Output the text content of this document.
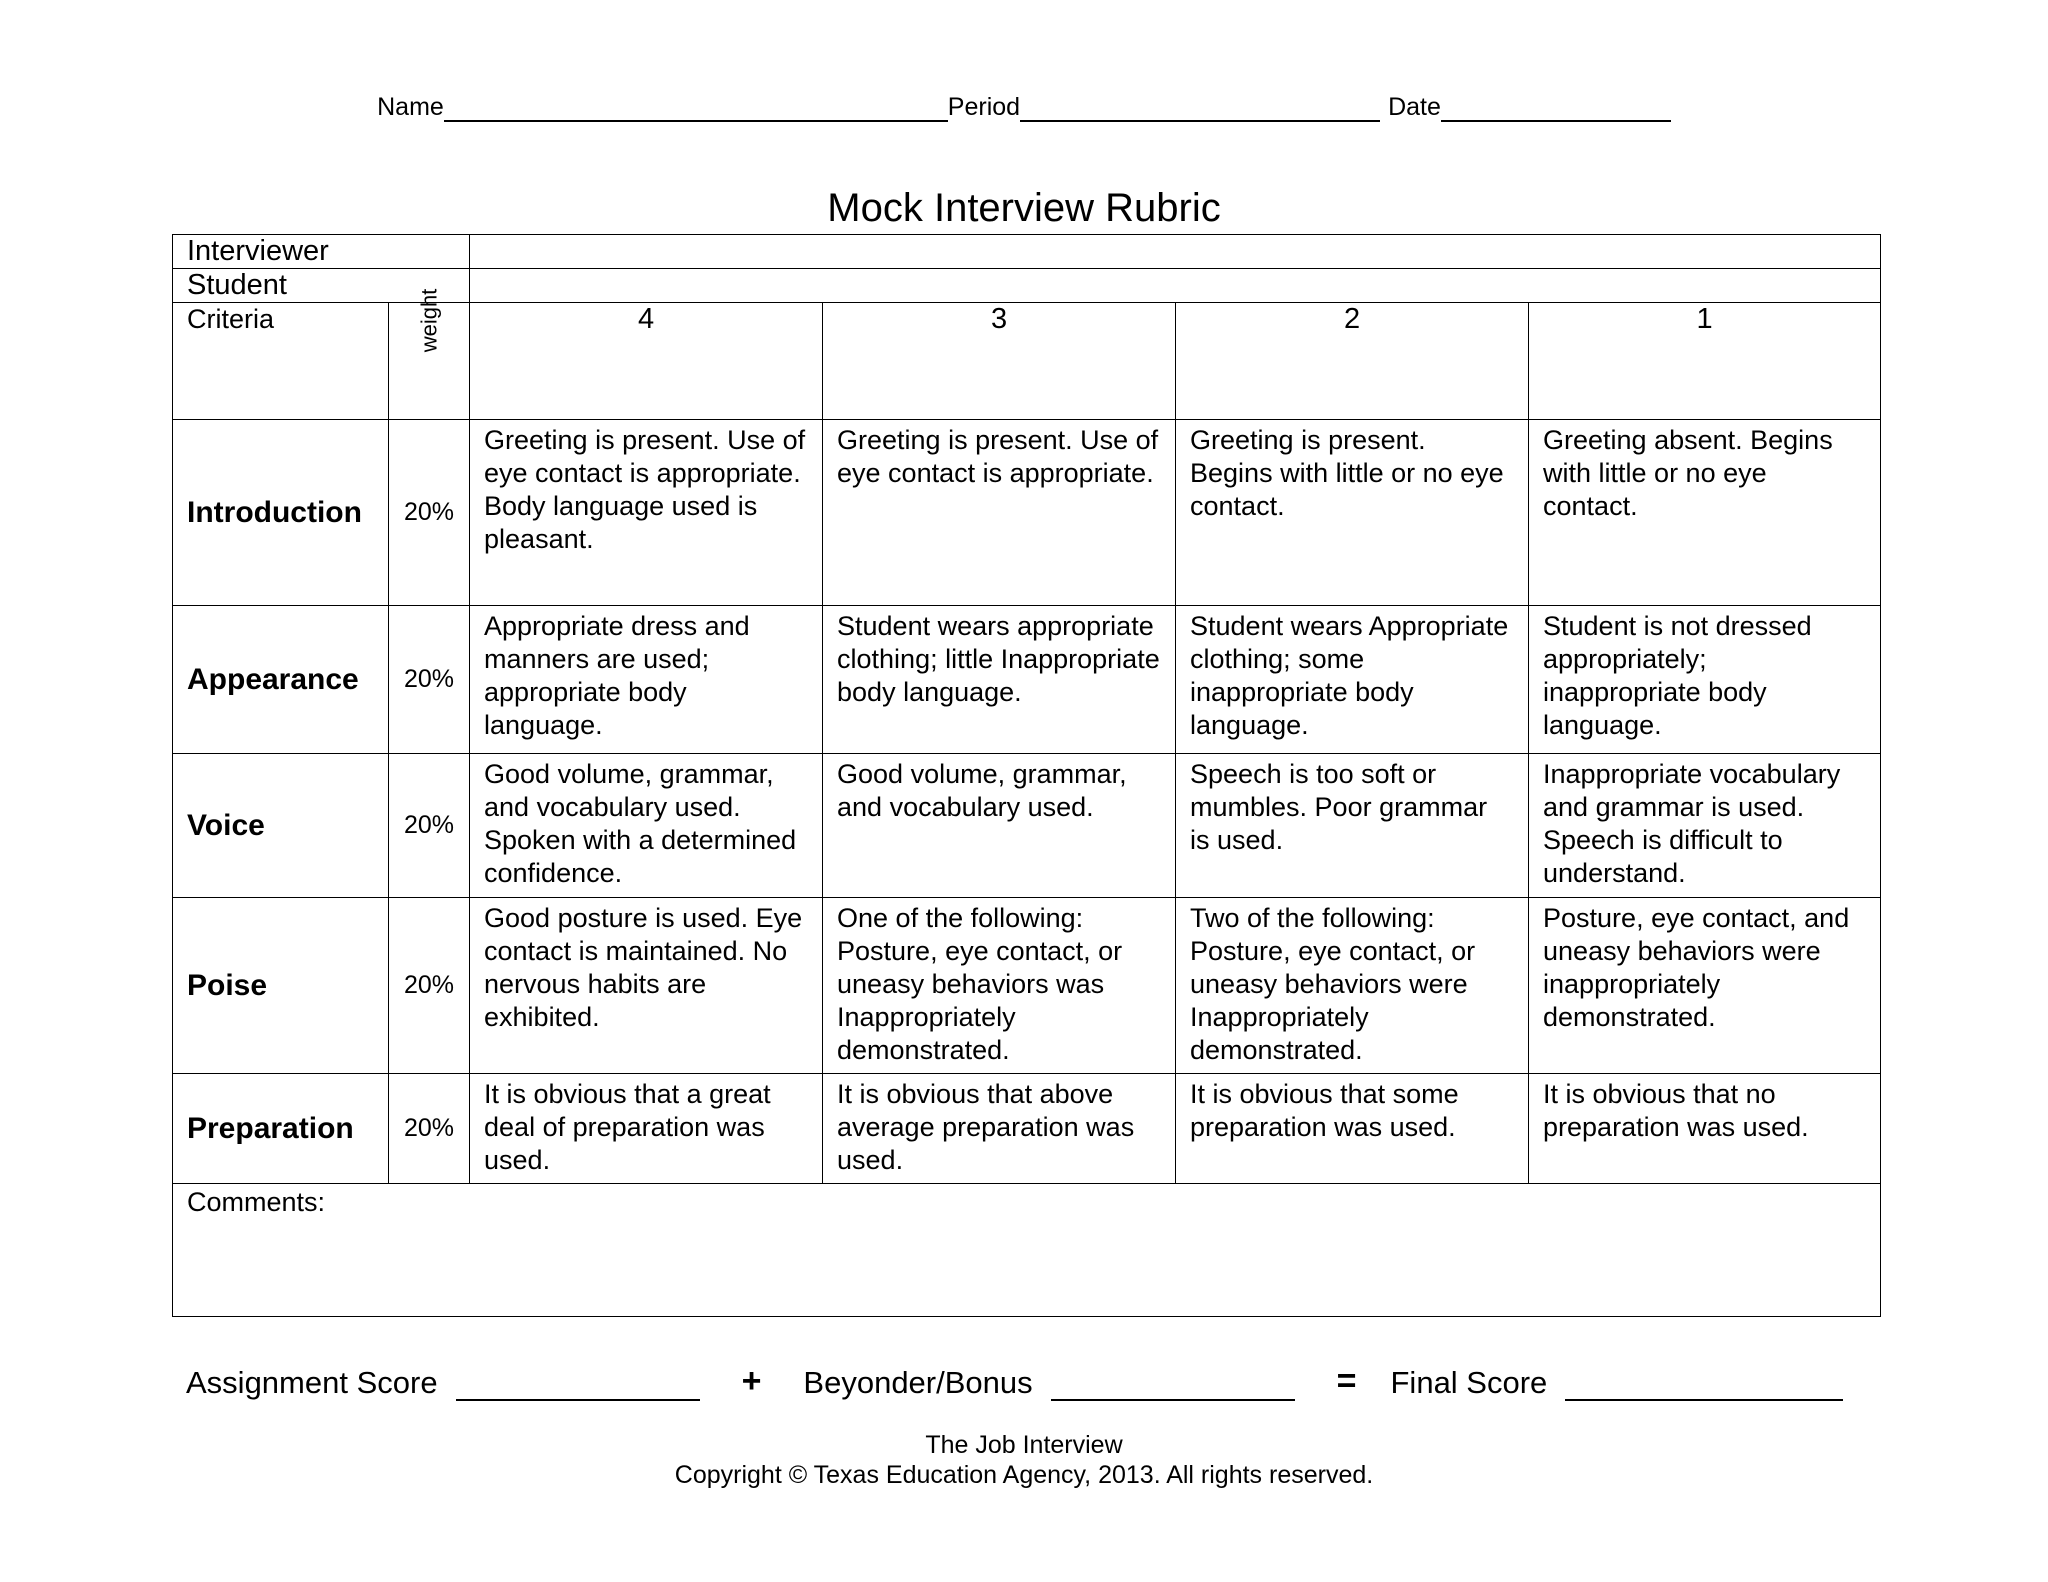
Name	Period	Date
Mock Interview Rubric
Interviewer					
Student					
Criteria	weight	4	3	2	1
Introduction	20%	Greeting is present. Use of eye contact is appropriate. Body language used is pleasant.	Greeting is present. Use of eye contact is appropriate.	Greeting is present. Begins with little or no eye contact.	Greeting absent. Begins with little or no eye contact.
Appearance	20%	Appropriate dress and manners are used; appropriate body language.	Student wears appropriate clothing; little Inappropriate body language.	Student wears Appropriate clothing; some inappropriate body language.	Student is not dressed appropriately; inappropriate body language.
Voice	20%	Good volume, grammar, and vocabulary used. Spoken with a determined confidence.	Good volume, grammar, and vocabulary used.	Speech is too soft or mumbles. Poor grammar is used.	Inappropriate vocabulary and grammar is used. Speech is difficult to understand.
Poise	20%	Good posture is used. Eye contact is maintained. No nervous habits are exhibited.	One of the following: Posture, eye contact, or uneasy behaviors was Inappropriately demonstrated.	Two of the following: Posture, eye contact, or uneasy behaviors were Inappropriately demonstrated.	Posture, eye contact, and uneasy behaviors were inappropriately demonstrated.
Preparation	20%	It is obvious that a great deal of preparation was used.	It is obvious that above average preparation was used.	It is obvious that some preparation was used.	It is obvious that no preparation was used.
Comments:					
Assignment Score	+ Beyonder/Bonus	= Final Score
The Job Interview
Copyright © Texas Education Agency, 2013. All rights reserved.
